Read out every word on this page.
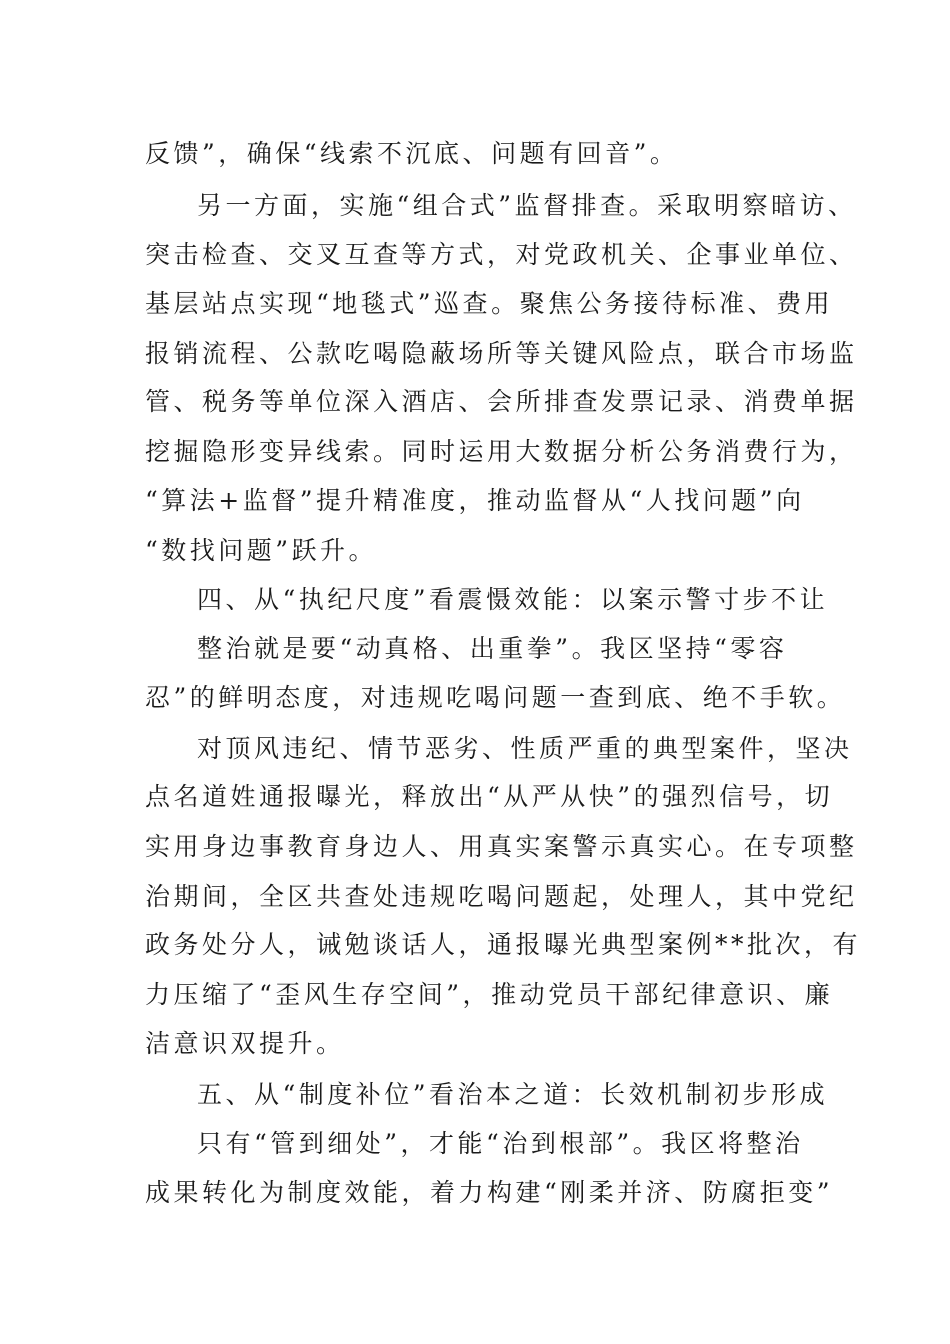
反馈”，确保“线索不沉底、问题有回音”。
另一方面，实施“组合式”监督排查。采取明察暗访、
突击检查、交叉互查等方式，对党政机关、企事业单位、
基层站点实现“地毯式”巡查。聚焦公务接待标准、费用
报销流程、公款吃喝隐蔽场所等关键风险点，联合市场监
管、税务等单位深入酒店、会所排查发票记录、消费单据
挖掘隐形变异线索。同时运用大数据分析公务消费行为，
“算法+监督”提升精准度，推动监督从“人找问题”向
“数找问题”跃升。
四、从“执纪尺度”看震慑效能：以案示警寸步不让
整治就是要“动真格、出重拳”。我区坚持“零容
忍”的鲜明态度，对违规吃喝问题一查到底、绝不手软。
对顶风违纪、情节恶劣、性质严重的典型案件，坚决
点名道姓通报曝光，释放出“从严从快”的强烈信号，切
实用身边事教育身边人、用真实案警示真实心。在专项整
治期间，全区共查处违规吃喝问题起，处理人，其中党纪
政务处分人，诫勉谈话人，通报曝光典型案例**批次，有
力压缩了“歪风生存空间”，推动党员干部纪律意识、廉
洁意识双提升。
五、从“制度补位”看治本之道：长效机制初步形成
只有“管到细处”，才能“治到根部”。我区将整治
成果转化为制度效能，着力构建“刚柔并济、防腐拒变”
